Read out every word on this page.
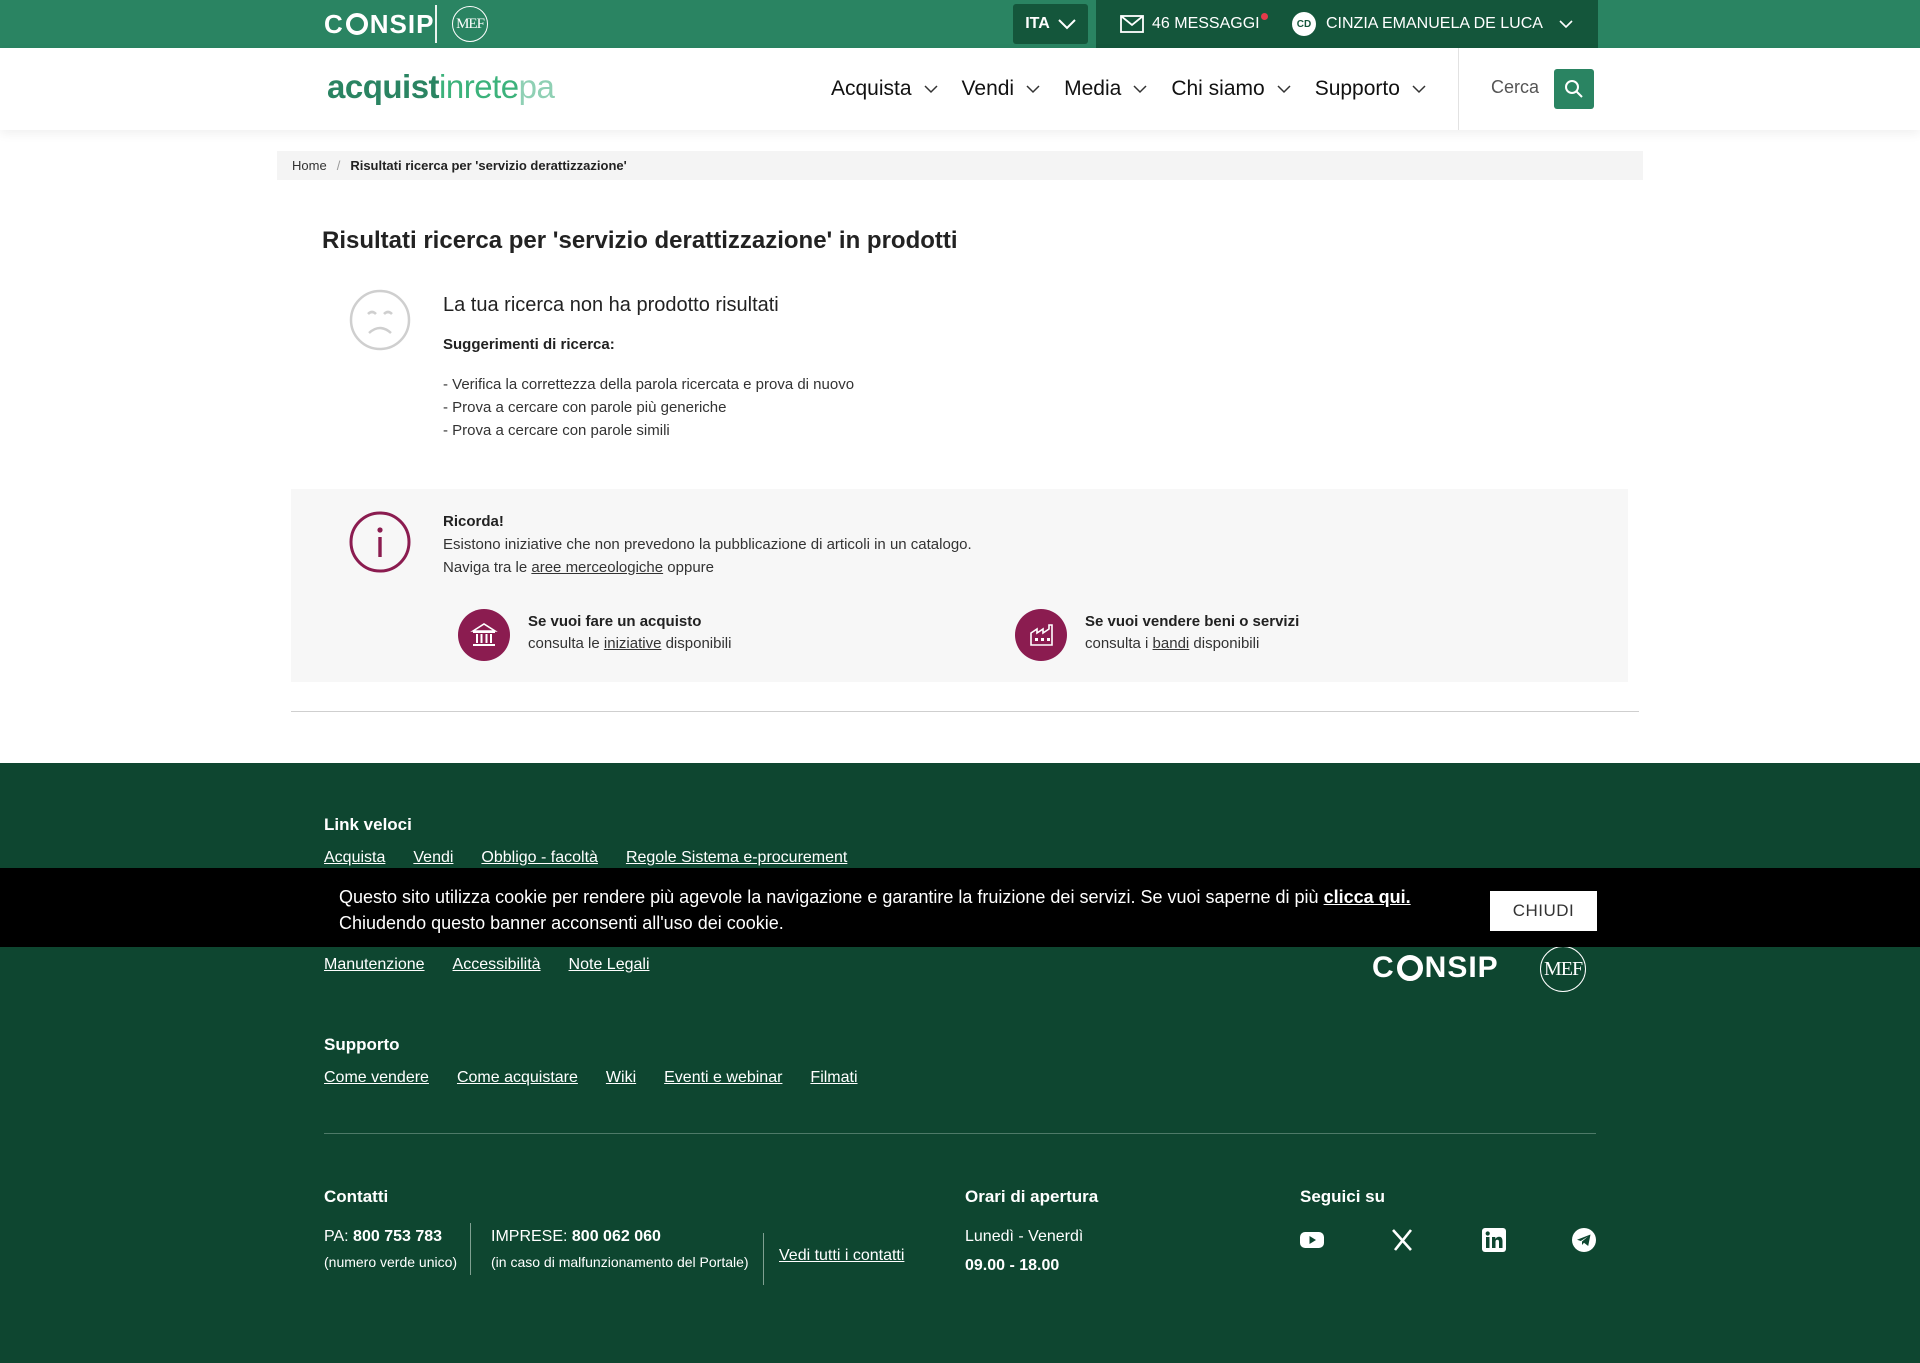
C NSIP MEF	ITA	46 MESSAGGI	CD CINZIA EMANUELA DE LUCA
acquistinretepa	Acquista Vendi Media Chi siamo Supporto	Cerca
Home / Risultati ricerca per 'servizio derattizzazione'
Risultati ricerca per 'servizio derattizzazione' in prodotti
La tua ricerca non ha prodotto risultati
Suggerimenti di ricerca:
- Verifica la correttezza della parola ricercata e prova di nuovo
- Prova a cercare con parole più generiche
- Prova a cercare con parole simili
Ricorda!
Esistono iniziative che non prevedono la pubblicazione di articoli in un catalogo.
Naviga tra le aree merceologiche oppure
Se vuoi fare un acquisto
consulta le iniziative disponibili
Se vuoi vendere beni o servizi
consulta i bandi disponibili
Link veloci
Acquista Vendi Obbligo - facoltà Regole Sistema e-procurement
Manutenzione Accessibilità Note Legali	C NSIP MEF
Supporto
Come vendere Come acquistare Wiki Eventi e webinar Filmati
Contatti
PA: 800 753 783
(numero verde unico)
IMPRESE: 800 062 060
(in caso di malfunzionamento del Portale) Vedi tutti i contatti
Orari di apertura
Lunedì - Venerdì
09.00 - 18.00
Seguici su
Questo sito utilizza cookie per rendere più agevole la navigazione e garantire la fruizione dei servizi. Se vuoi saperne di più clicca qui.
Chiudendo questo banner acconsenti all'uso dei cookie.
CHIUDI
